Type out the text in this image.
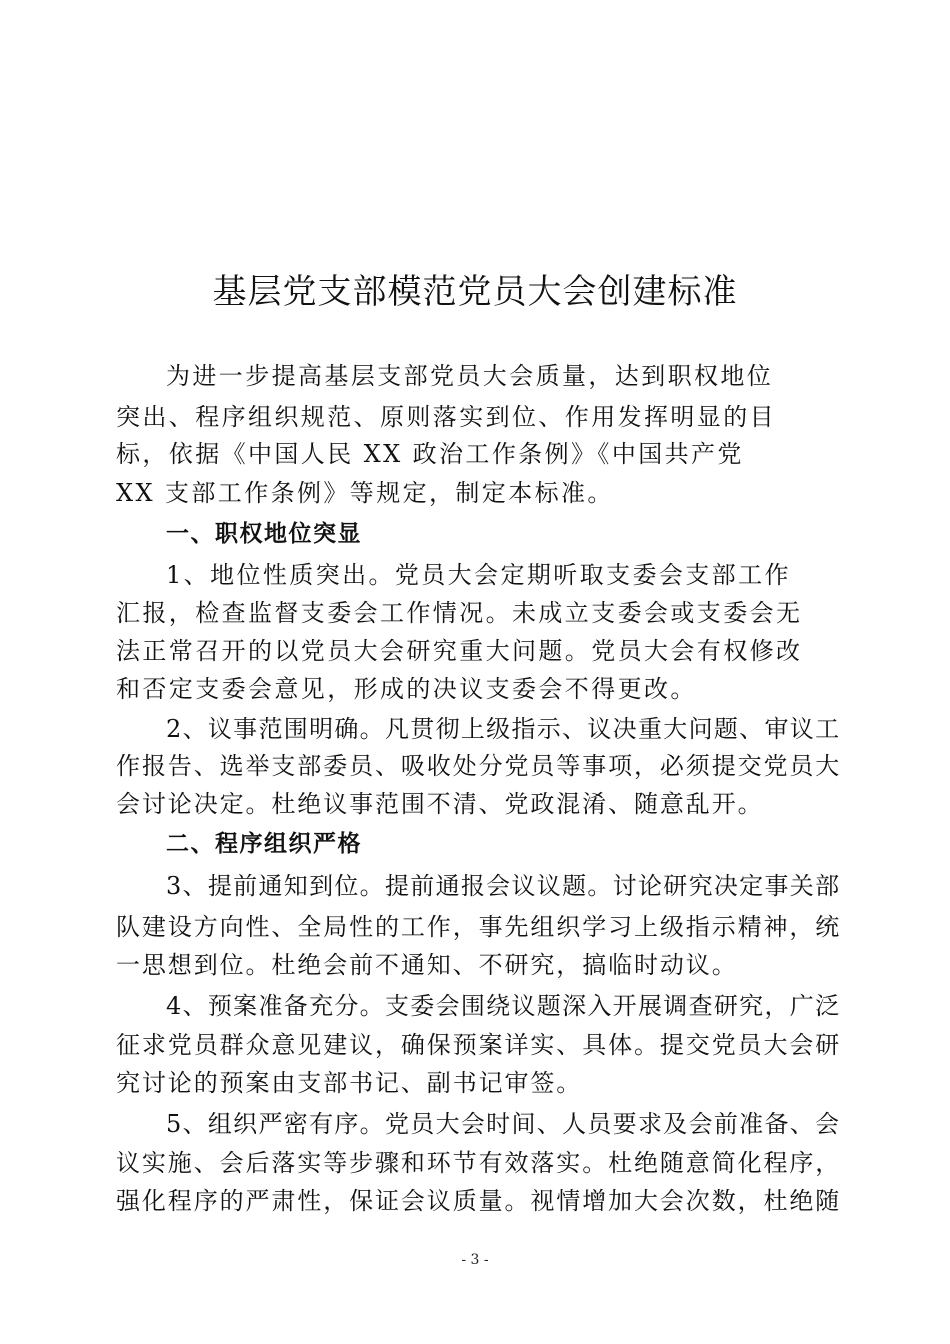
基层党支部模范党员大会创建标准
为进一步提高基层支部党员大会质量，达到职权地位
突出、程序组织规范、原则落实到位、作用发挥明显的目
标，依据《中国人民 XX 政治工作条例》《中国共产党
XX 支部工作条例》等规定，制定本标准。
一、职权地位突显
1、地位性质突出。党员大会定期听取支委会支部工作
汇报，检查监督支委会工作情况。未成立支委会或支委会无
法正常召开的以党员大会研究重大问题。党员大会有权修改
和否定支委会意见，形成的决议支委会不得更改。
2、议事范围明确。凡贯彻上级指示、议决重大问题、审议工
作报告、选举支部委员、吸收处分党员等事项，必须提交党员大
会讨论决定。杜绝议事范围不清、党政混淆、随意乱开。
二、程序组织严格
3、提前通知到位。提前通报会议议题。讨论研究决定事关部
队建设方向性、全局性的工作，事先组织学习上级指示精神，统
一思想到位。杜绝会前不通知、不研究，搞临时动议。
4、预案准备充分。支委会围绕议题深入开展调查研究，广泛
征求党员群众意见建议，确保预案详实、具体。提交党员大会研
究讨论的预案由支部书记、副书记审签。
5、组织严密有序。党员大会时间、人员要求及会前准备、会
议实施、会后落实等步骤和环节有效落实。杜绝随意简化程序，
强化程序的严肃性，保证会议质量。视情增加大会次数，杜绝随
- 3 -
